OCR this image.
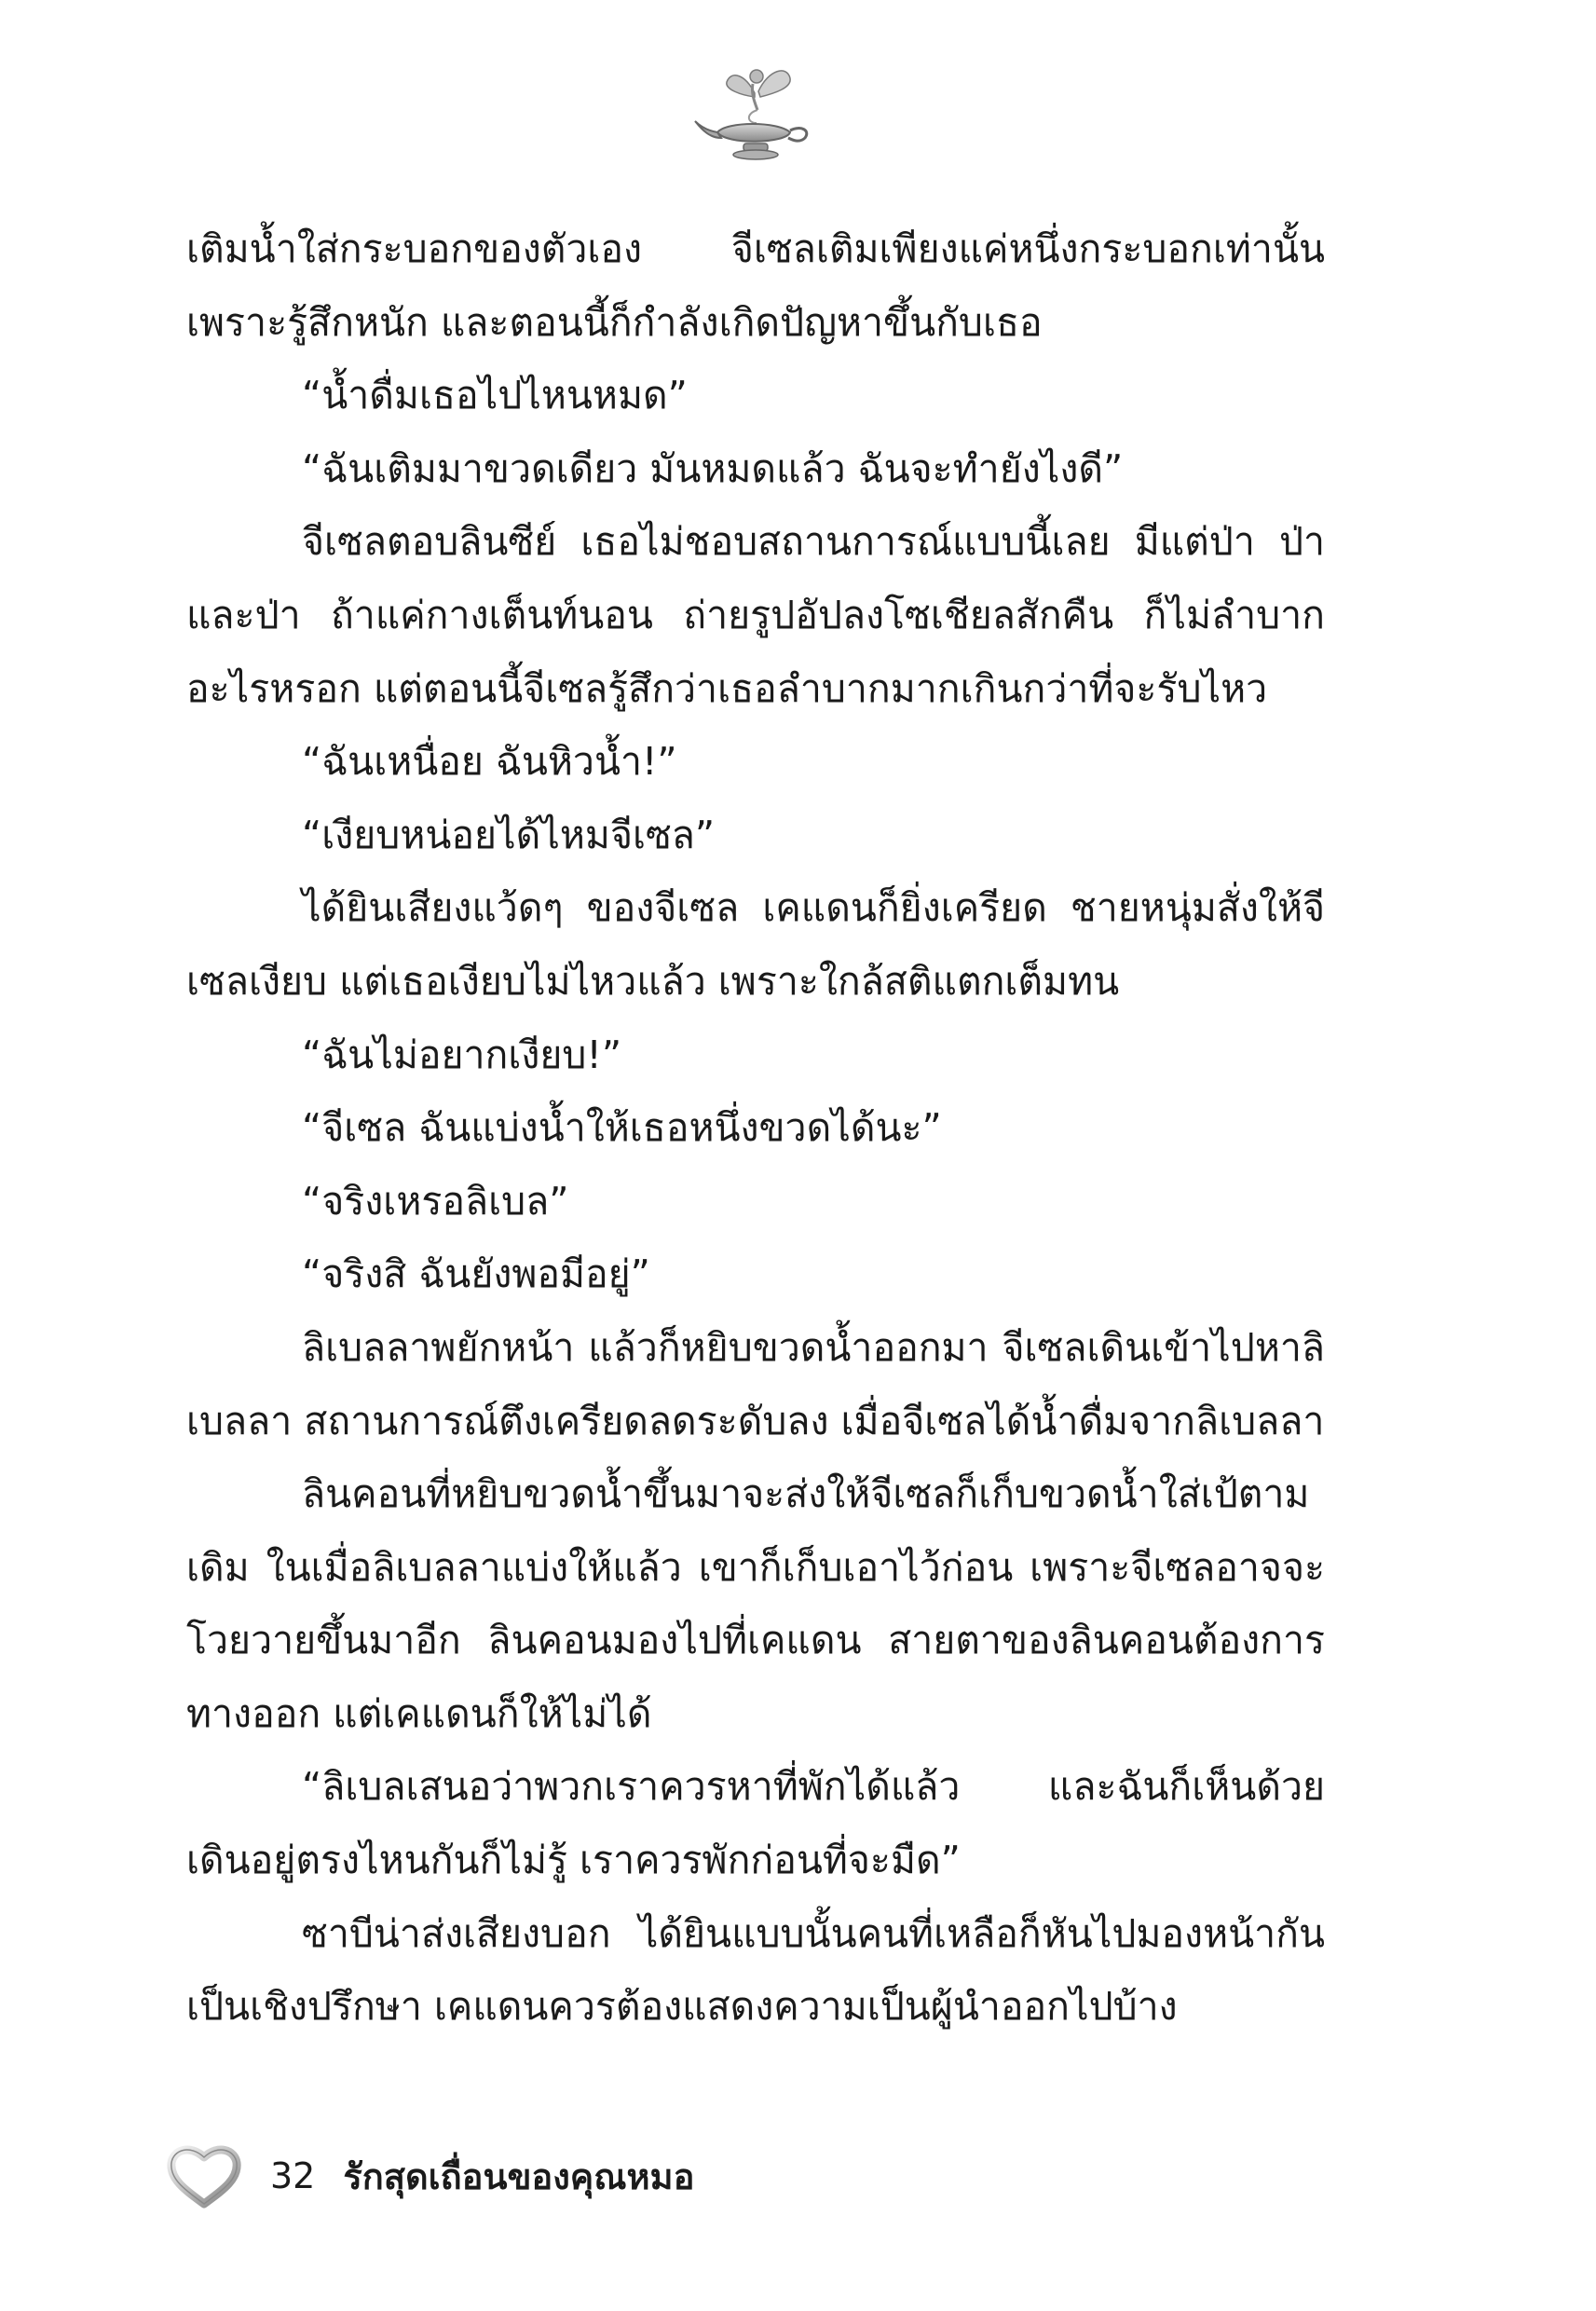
เติมน้ำใส่กระบอกของตัวเอง จีเซลเติมเพียงแค่หนึ่งกระบอกเท่านั้น เพราะรู้สึกหนัก และตอนนี้ก็กำลังเกิดปัญหาขึ้นกับเธอ

“น้ำดื่มเธอไปไหนหมด”

“ฉันเติมมาขวดเดียว มันหมดแล้ว ฉันจะทำยังไงดี”

จีเซลตอบลินซีย์ เธอไม่ชอบสถานการณ์แบบนี้เลย มีแต่ป่า ป่า และป่า ถ้าแค่กางเต็นท์นอน ถ่ายรูปอัปลงโซเชียลสักคืน ก็ไม่ลำบากอะไรหรอก แต่ตอนนี้จีเซลรู้สึกว่าเธอลำบากมากเกินกว่าที่จะรับไหว

“ฉันเหนื่อย ฉันหิวน้ำ!”

“เงียบหน่อยได้ไหมจีเซล”

ได้ยินเสียงแว้ดๆ ของจีเซล เคแดนก็ยิ่งเครียด ชายหนุ่มสั่งให้จีเซลเงียบ แต่เธอเงียบไม่ไหวแล้ว เพราะใกล้สติแตกเต็มทน

“ฉันไม่อยากเงียบ!”

“จีเซล ฉันแบ่งน้ำให้เธอหนึ่งขวดได้นะ”

“จริงเหรอลิเบล”

“จริงสิ ฉันยังพอมีอยู่”

ลิเบลลาพยักหน้า แล้วก็หยิบขวดน้ำออกมา จีเซลเดินเข้าไปหาลิเบลลา สถานการณ์ตึงเครียดลดระดับลง เมื่อจีเซลได้น้ำดื่มจากลิเบลลา

ลินคอนที่หยิบขวดน้ำขึ้นมาจะส่งให้จีเซลก็เก็บขวดน้ำใส่เป้ตามเดิม ในเมื่อลิเบลลาแบ่งให้แล้ว เขาก็เก็บเอาไว้ก่อน เพราะจีเซลอาจจะโวยวายขึ้นมาอีก ลินคอนมองไปที่เคแดน สายตาของลินคอนต้องการทางออก แต่เคแดนก็ให้ไม่ได้

“ลิเบลเสนอว่าพวกเราควรหาที่พักได้แล้ว และฉันก็เห็นด้วย เดินอยู่ตรงไหนกันก็ไม่รู้ เราควรพักก่อนที่จะมืด”

ซาบีน่าส่งเสียงบอก ได้ยินแบบนั้นคนที่เหลือก็หันไปมองหน้ากันเป็นเชิงปรึกษา เคแดนควรต้องแสดงความเป็นผู้นำออกไปบ้าง

32 รักสุดเถื่อนของคุณหมอ
